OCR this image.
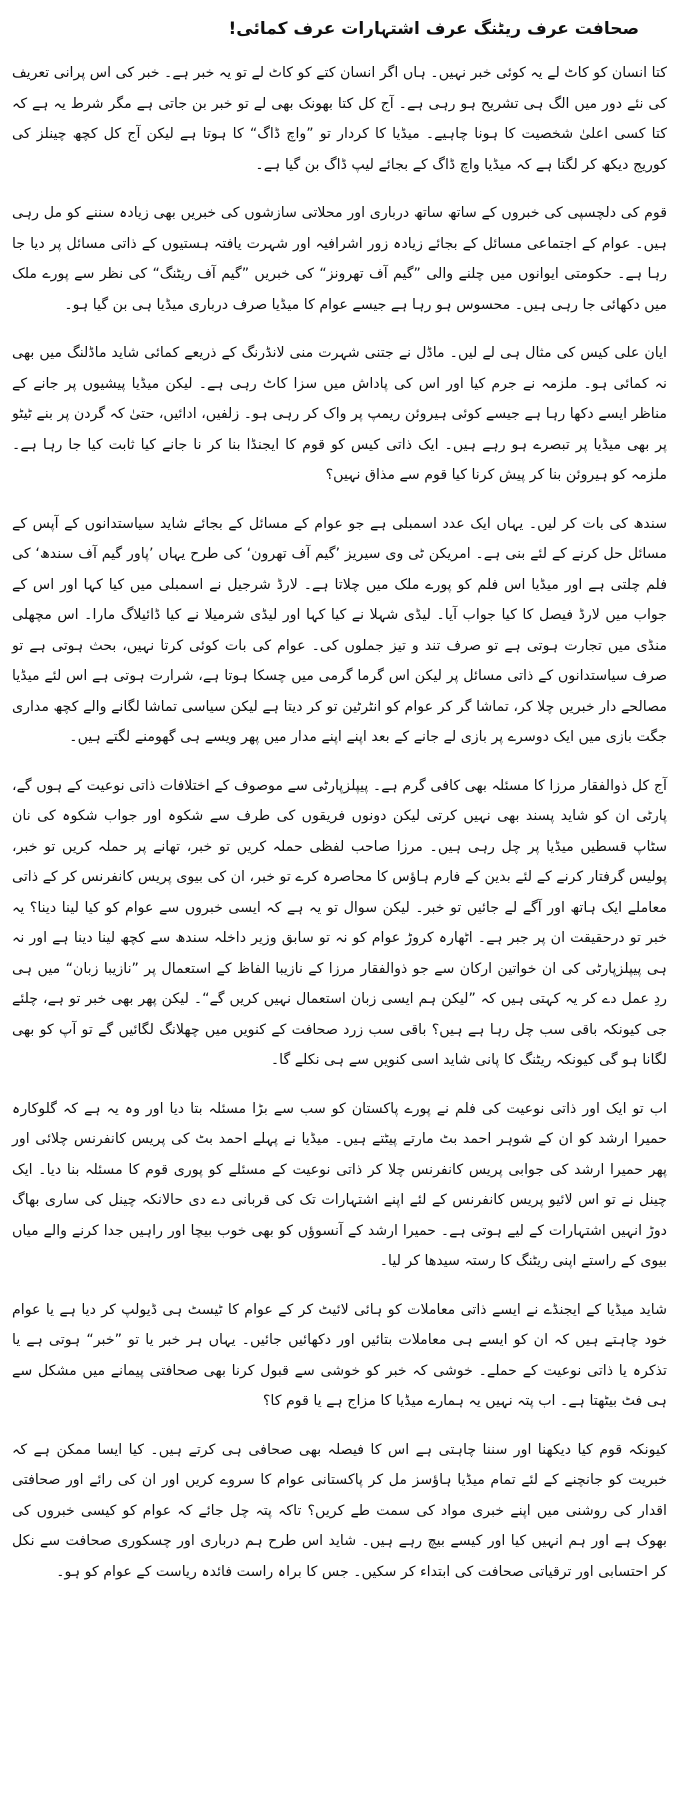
صحافت عرف ریٹنگ عرف اشتہارات عرف کمائی!

کتا انسان کو کاٹ لے یہ کوئی خبر نہیں۔ ہاں اگر انسان کتے کو کاٹ لے تو یہ خبر ہے۔ خبر کی اس پرانی تعریف کی نئے دور میں الگ ہی تشریح ہو رہی ہے۔ آج کل کتا بھونک بھی لے تو خبر بن جاتی ہے مگر شرط یہ ہے کہ کتا کسی اعلیٰ شخصیت کا ہونا چاہیے۔ میڈیا کا کردار تو ”واچ ڈاگ“ کا ہوتا ہے لیکن آج کل کچھ چینلز کی کوریج دیکھ کر لگتا ہے کہ میڈیا واچ ڈاگ کے بجائے لیپ ڈاگ بن گیا ہے۔

قوم کی دلچسپی کی خبروں کے ساتھ ساتھ درباری اور محلاتی سازشوں کی خبریں بھی زیادہ سننے کو مل رہی ہیں۔ عوام کے اجتماعی مسائل کے بجائے زیادہ زور اشرافیہ اور شہرت یافتہ ہستیوں کے ذاتی مسائل پر دیا جا رہا ہے۔ حکومتی ایوانوں میں چلنے والی ”گیم آف تھرونز“ کی خبریں ”گیم آف ریٹنگ“ کی نظر سے پورے ملک میں دکھائی جا رہی ہیں۔ محسوس ہو رہا ہے جیسے عوام کا میڈیا صرف درباری میڈیا ہی بن گیا ہو۔

ایان علی کیس کی مثال ہی لے لیں۔ ماڈل نے جتنی شہرت منی لانڈرنگ کے ذریعے کمائی شاید ماڈلنگ میں بھی نہ کمائی ہو۔ ملزمہ نے جرم کیا اور اس کی پاداش میں سزا کاٹ رہی ہے۔ لیکن میڈیا پیشیوں پر جانے کے مناظر ایسے دکھا رہا ہے جیسے کوئی ہیروئن ریمپ پر واک کر رہی ہو۔ زلفیں، ادائیں، حتیٰ کہ گردن پر بنے ٹیٹو پر بھی میڈیا پر تبصرے ہو رہے ہیں۔ ایک ذاتی کیس کو قوم کا ایجنڈا بنا کر نا جانے کیا ثابت کیا جا رہا ہے۔ ملزمہ کو ہیروئن بنا کر پیش کرنا کیا قوم سے مذاق نہیں؟

سندھ کی بات کر لیں۔ یہاں ایک عدد اسمبلی ہے جو عوام کے مسائل کے بجائے شاید سیاستدانوں کے آپس کے مسائل حل کرنے کے لئے بنی ہے۔ امریکن ٹی وی سیریز ’گیم آف تھرون‘ کی طرح یہاں ’پاور گیم آف سندھ‘ کی فلم چلتی ہے اور میڈیا اس فلم کو پورے ملک میں چلاتا ہے۔ لارڈ شرجیل نے اسمبلی میں کیا کہا اور اس کے جواب میں لارڈ فیصل کا کیا جواب آیا۔ لیڈی شہلا نے کیا کہا اور لیڈی شرمیلا نے کیا ڈائیلاگ مارا۔ اس مچھلی منڈی میں تجارت ہوتی ہے تو صرف تند و تیز جملوں کی۔ عوام کی بات کوئی کرتا نہیں، بحث ہوتی ہے تو صرف سیاستدانوں کے ذاتی مسائل پر لیکن اس گرما گرمی میں چسکا ہوتا ہے، شرارت ہوتی ہے اس لئے میڈیا مصالحے دار خبریں چلا کر، تماشا گر کر عوام کو انٹرٹین تو کر دیتا ہے لیکن سیاسی تماشا لگانے والے کچھ مداری جگت بازی میں ایک دوسرے پر بازی لے جانے کے بعد اپنے اپنے مدار میں پھر ویسے ہی گھومنے لگتے ہیں۔

آج کل ذوالفقار مرزا کا مسئلہ بھی کافی گرم ہے۔ پیپلزپارٹی سے موصوف کے اختلافات ذاتی نوعیت کے ہوں گے، پارٹی ان کو شاید پسند بھی نہیں کرتی لیکن دونوں فریقوں کی طرف سے شکوہ اور جواب شکوہ کی نان سٹاپ قسطیں میڈیا پر چل رہی ہیں۔ مرزا صاحب لفظی حملہ کریں تو خبر، تھانے پر حملہ کریں تو خبر، پولیس گرفتار کرنے کے لئے بدین کے فارم ہاؤس کا محاصرہ کرے تو خبر، ان کی بیوی پریس کانفرنس کر کے ذاتی معاملے ایک ہاتھ اور آگے لے جائیں تو خبر۔ لیکن سوال تو یہ ہے کہ ایسی خبروں سے عوام کو کیا لینا دینا؟ یہ خبر تو درحقیقت ان پر جبر ہے۔ اٹھارہ کروڑ عوام کو نہ تو سابق وزیر داخلہ سندھ سے کچھ لینا دینا ہے اور نہ ہی پیپلزپارٹی کی ان خواتین ارکان سے جو ذوالفقار مرزا کے نازیبا الفاظ کے استعمال پر ”نازیبا زبان“ میں ہی ردِ عمل دے کر یہ کہتی ہیں کہ ”لیکن ہم ایسی زبان استعمال نہیں کریں گے“۔ لیکن پھر بھی خبر تو ہے، چلئے جی کیونکہ باقی سب چل رہا ہے ہیں؟ باقی سب زرد صحافت کے کنویں میں چھلانگ لگائیں گے تو آپ کو بھی لگانا ہو گی کیونکہ ریٹنگ کا پانی شاید اسی کنویں سے ہی نکلے گا۔

اب تو ایک اور ذاتی نوعیت کی فلم نے پورے پاکستان کو سب سے بڑا مسئلہ بتا دیا اور وہ یہ ہے کہ گلوکارہ حمیرا ارشد کو ان کے شوہر احمد بٹ مارتے پیٹتے ہیں۔ میڈیا نے پہلے احمد بٹ کی پریس کانفرنس چلائی اور پھر حمیرا ارشد کی جوابی پریس کانفرنس چلا کر ذاتی نوعیت کے مسئلے کو پوری قوم کا مسئلہ بنا دیا۔ ایک چینل نے تو اس لائیو پریس کانفرنس کے لئے اپنے اشتہارات تک کی قربانی دے دی حالانکہ چینل کی ساری بھاگ دوڑ انہیں اشتہارات کے لیے ہوتی ہے۔ حمیرا ارشد کے آنسوؤں کو بھی خوب بیچا اور راہیں جدا کرنے والے میاں بیوی کے راستے اپنی ریٹنگ کا رستہ سیدھا کر لیا۔

شاید میڈیا کے ایجنڈے نے ایسے ذاتی معاملات کو ہائی لائیٹ کر کے عوام کا ٹیسٹ ہی ڈیولپ کر دیا ہے یا عوام خود چاہتے ہیں کہ ان کو ایسے ہی معاملات بتائیں اور دکھائیں جائیں۔ یہاں ہر خبر یا تو ”خبر“ ہوتی ہے یا تذکرہ یا ذاتی نوعیت کے حملے۔ خوشی کہ خبر کو خوشی سے قبول کرنا بھی صحافتی پیمانے میں مشکل سے ہی فٹ بیٹھتا ہے۔ اب پتہ نہیں یہ ہمارے میڈیا کا مزاج ہے یا قوم کا؟

کیونکہ قوم کیا دیکھنا اور سننا چاہتی ہے اس کا فیصلہ بھی صحافی ہی کرتے ہیں۔ کیا ایسا ممکن ہے کہ خبریت کو جانچنے کے لئے تمام میڈیا ہاؤسز مل کر پاکستانی عوام کا سروے کریں اور ان کی رائے اور صحافتی اقدار کی روشنی میں اپنے خبری مواد کی سمت طے کریں؟ تاکہ پتہ چل جائے کہ عوام کو کیسی خبروں کی بھوک ہے اور ہم انہیں کیا اور کیسے بیچ رہے ہیں۔ شاید اس طرح ہم درباری اور چسکوری صحافت سے نکل کر احتسابی اور ترقیاتی صحافت کی ابتداء کر سکیں۔ جس کا براہ راست فائدہ ریاست کے عوام کو ہو۔
